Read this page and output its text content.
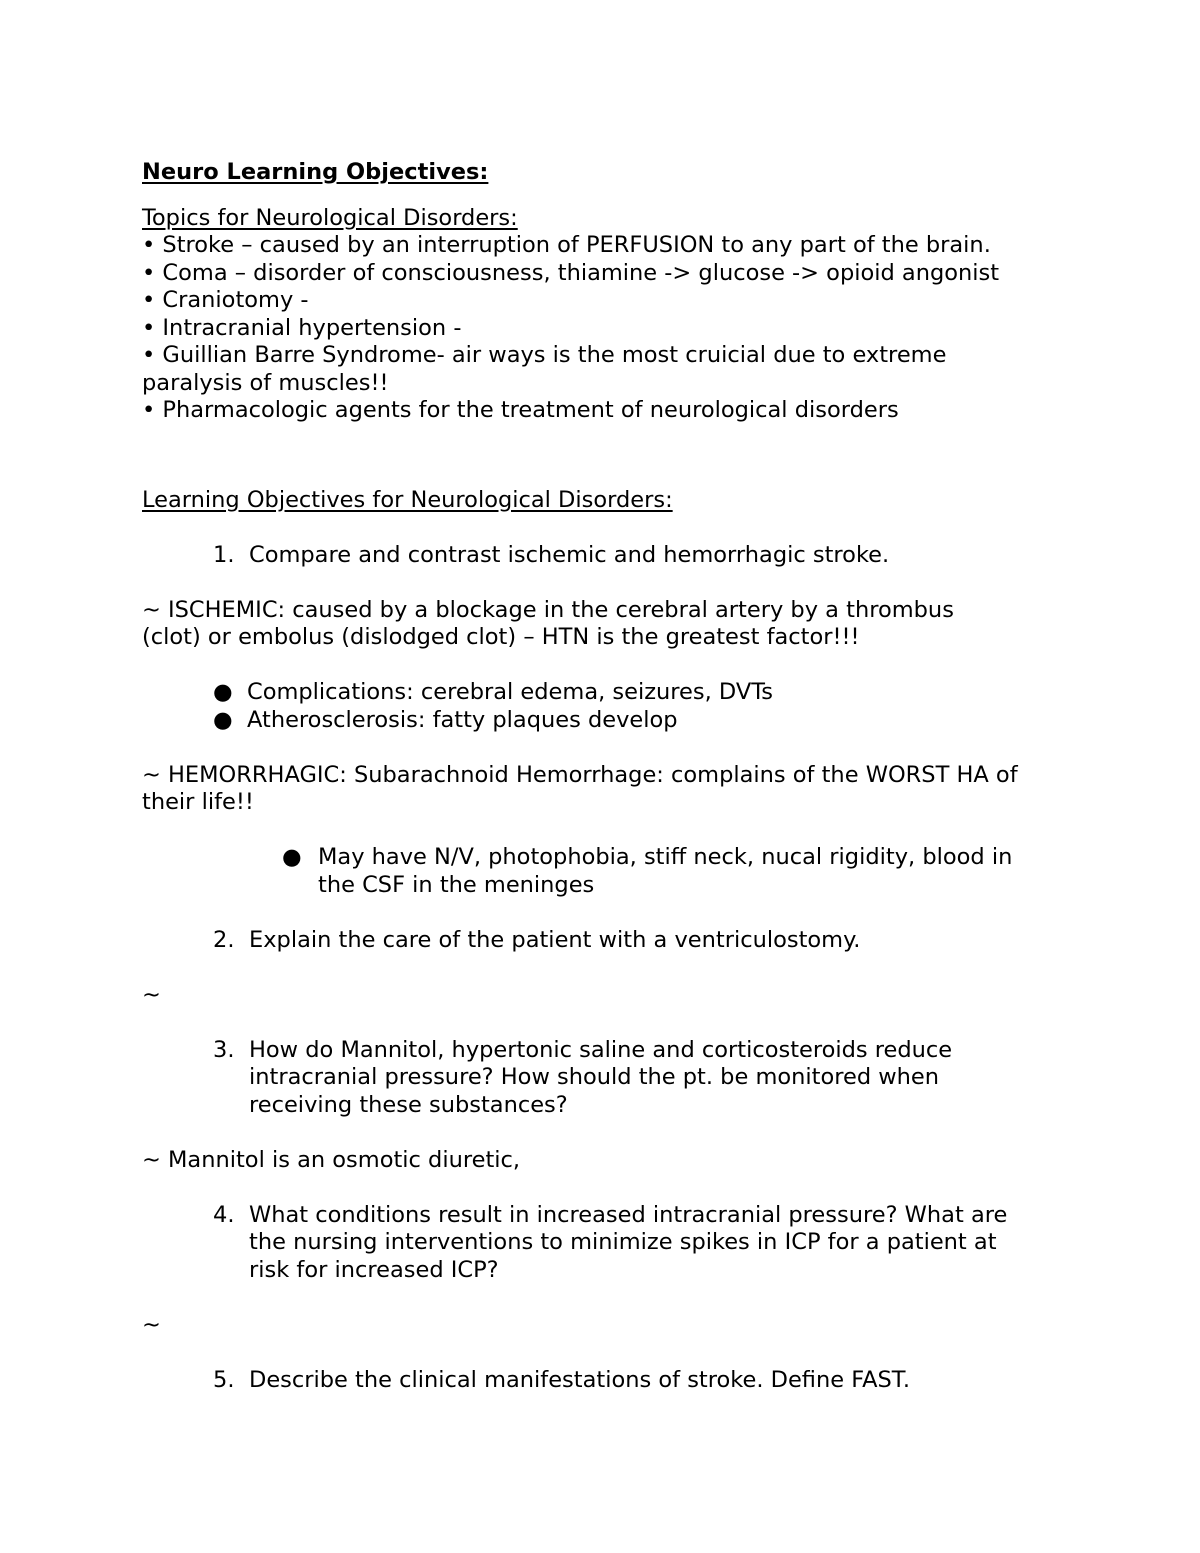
Neuro Learning Objectives:
Topics for Neurological Disorders:
• Stroke – caused by an interruption of PERFUSION to any part of the brain.
• Coma – disorder of consciousness, thiamine -> glucose -> opioid angonist
• Craniotomy -
• Intracranial hypertension -
• Guillian Barre Syndrome- air ways is the most cruicial due to extreme
paralysis of muscles!!
• Pharmacologic agents for the treatment of neurological disorders
Learning Objectives for Neurological Disorders:
1. Compare and contrast ischemic and hemorrhagic stroke.
~ ISCHEMIC: caused by a blockage in the cerebral artery by a thrombus
(clot) or embolus (dislodged clot) – HTN is the greatest factor!!!
● Complications: cerebral edema, seizures, DVTs
● Atherosclerosis: fatty plaques develop
~ HEMORRHAGIC: Subarachnoid Hemorrhage: complains of the WORST HA of
their life!!
● May have N/V, photophobia, stiff neck, nucal rigidity, blood in
the CSF in the meninges
2. Explain the care of the patient with a ventriculostomy.
~
3. How do Mannitol, hypertonic saline and corticosteroids reduce
intracranial pressure? How should the pt. be monitored when
receiving these substances?
~ Mannitol is an osmotic diuretic,
4. What conditions result in increased intracranial pressure? What are
the nursing interventions to minimize spikes in ICP for a patient at
risk for increased ICP?
~
5. Describe the clinical manifestations of stroke. Define FAST.
